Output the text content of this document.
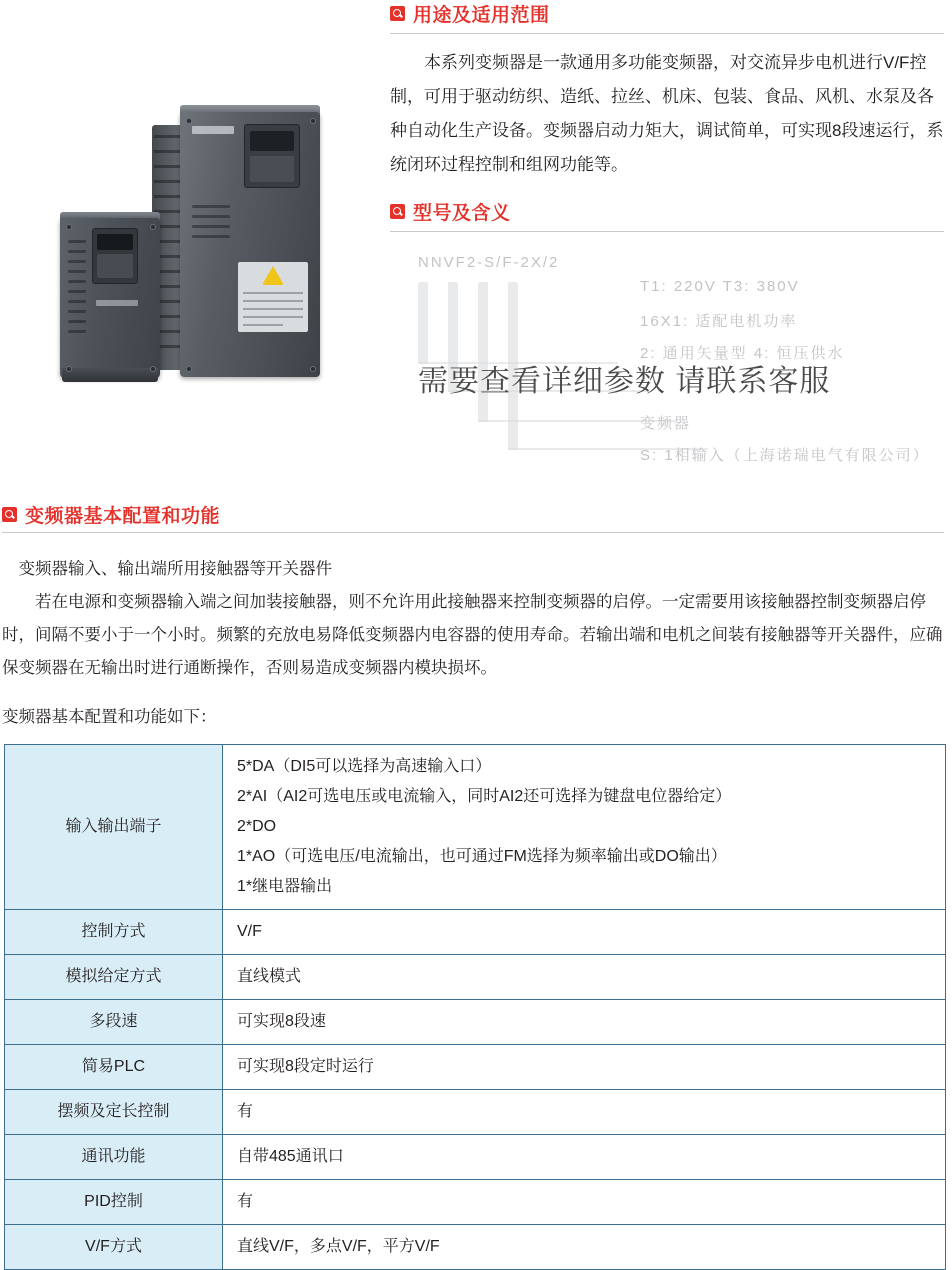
用途及适用范围

本系列变频器是一款通用多功能变频器，对交流异步电机进行V/F控制，可用于驱动纺织、造纸、拉丝、机床、包装、食品、风机、水泵及各种自动化生产设备。变频器启动力矩大，调试简单，可实现8段速运行，系统闭环过程控制和组网功能等。

型号及含义
NNVF2-S/F-2X/2
T1: 220V T3: 380V
16X1: 适配电机功率
2: 通用矢量型 4: 恒压供水
变频器
S: 1相输入（上海诺瑞电气有限公司）
需要查看详细参数 请联系客服
变频器基本配置和功能

变频器输入、输出端所用接触器等开关器件

若在电源和变频器输入端之间加装接触器，则不允许用此接触器来控制变频器的启停。一定需要用该接触器控制变频器启停时，间隔不要小于一个小时。频繁的充放电易降低变频器内电容器的使用寿命。若输出端和电机之间装有接触器等开关器件，应确保变频器在无输出时进行通断操作，否则易造成变频器内模块损坏。

变频器基本配置和功能如下：

输入输出端子	5*DA（DI5可以选择为高速输入口）
2*AI（AI2可选电压或电流输入，同时AI2还可选择为键盘电位器给定）
2*DO
1*AO（可选电压/电流输出，也可通过FM选择为频率输出或DO输出）
1*继电器输出

控制方式	V/F
模拟给定方式	直线模式
多段速	可实现8段速
简易PLC	可实现8段定时运行
摆频及定长控制	有
通讯功能	自带485通讯口
PID控制	有
V/F方式	直线V/F，多点V/F，平方V/F
